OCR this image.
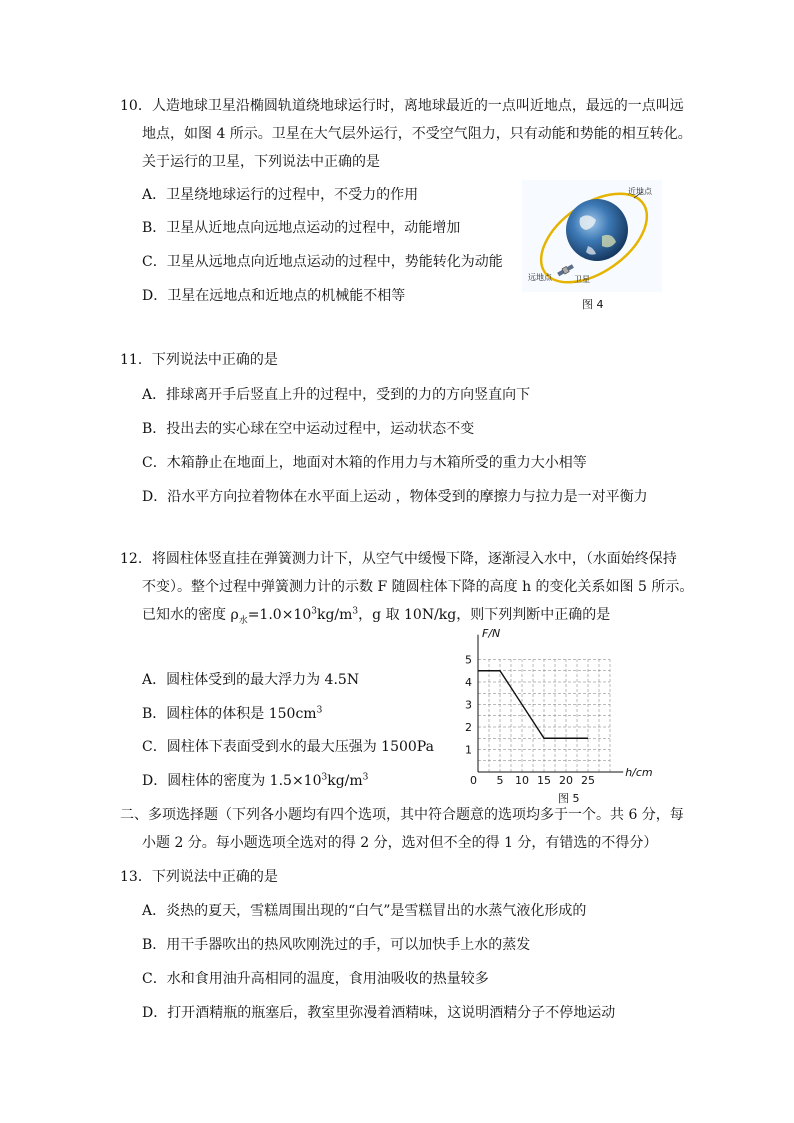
10．人造地球卫星沿椭圆轨道绕地球运行时，离地球最近的一点叫近地点，最远的一点叫远
地点，如图 4 所示。卫星在大气层外运行，不受空气阻力，只有动能和势能的相互转化。
关于运行的卫星，下列说法中正确的是
A．卫星绕地球运行的过程中，不受力的作用
B．卫星从近地点向远地点运动的过程中，动能增加
C．卫星从远地点向近地点运动的过程中，势能转化为动能
D．卫星在远地点和近地点的机械能不相等
近地点
远地点	卫星
图 4
11．下列说法中正确的是
A．排球离开手后竖直上升的过程中，受到的力的方向竖直向下
B．投出去的实心球在空中运动过程中，运动状态不变
C．木箱静止在地面上，地面对木箱的作用力与木箱所受的重力大小相等
D．沿水平方向拉着物体在水平面上运动 ，物体受到的摩擦力与拉力是一对平衡力
12．将圆柱体竖直挂在弹簧测力计下，从空气中缓慢下降，逐渐浸入水中，（水面始终保持
不变）。整个过程中弹簧测力计的示数 F 随圆柱体下降的高度 h 的变化关系如图 5 所示。
已知水的密度 $\rho_水=1.0\times 10^3kg/m^3$，g 取 10N/kg，则下列判断中正确的是
A．圆柱体受到的最大浮力为 4.5N
B．圆柱体的体积是 $150cm^3$
C．圆柱体下表面受到水的最大压强为 1500Pa
D．圆柱体的密度为 $1.5\times 10^3kg/m^3$	0 5 10 15 20 25
1
2
3
4
5
h/cm
F/N
图 5
二、多项选择题（下列各小题均有四个选项，其中符合题意的选项均多于一个。共 6 分，每
小题 2 分。每小题选项全选对的得 2 分，选对但不全的得 1 分，有错选的不得分）
13．下列说法中正确的是
A．炎热的夏天，雪糕周围出现的“白气”是雪糕冒出的水蒸气液化形成的
B．用干手器吹出的热风吹刚洗过的手，可以加快手上水的蒸发
C．水和食用油升高相同的温度，食用油吸收的热量较多
D．打开酒精瓶的瓶塞后，教室里弥漫着酒精味，这说明酒精分子不停地运动
